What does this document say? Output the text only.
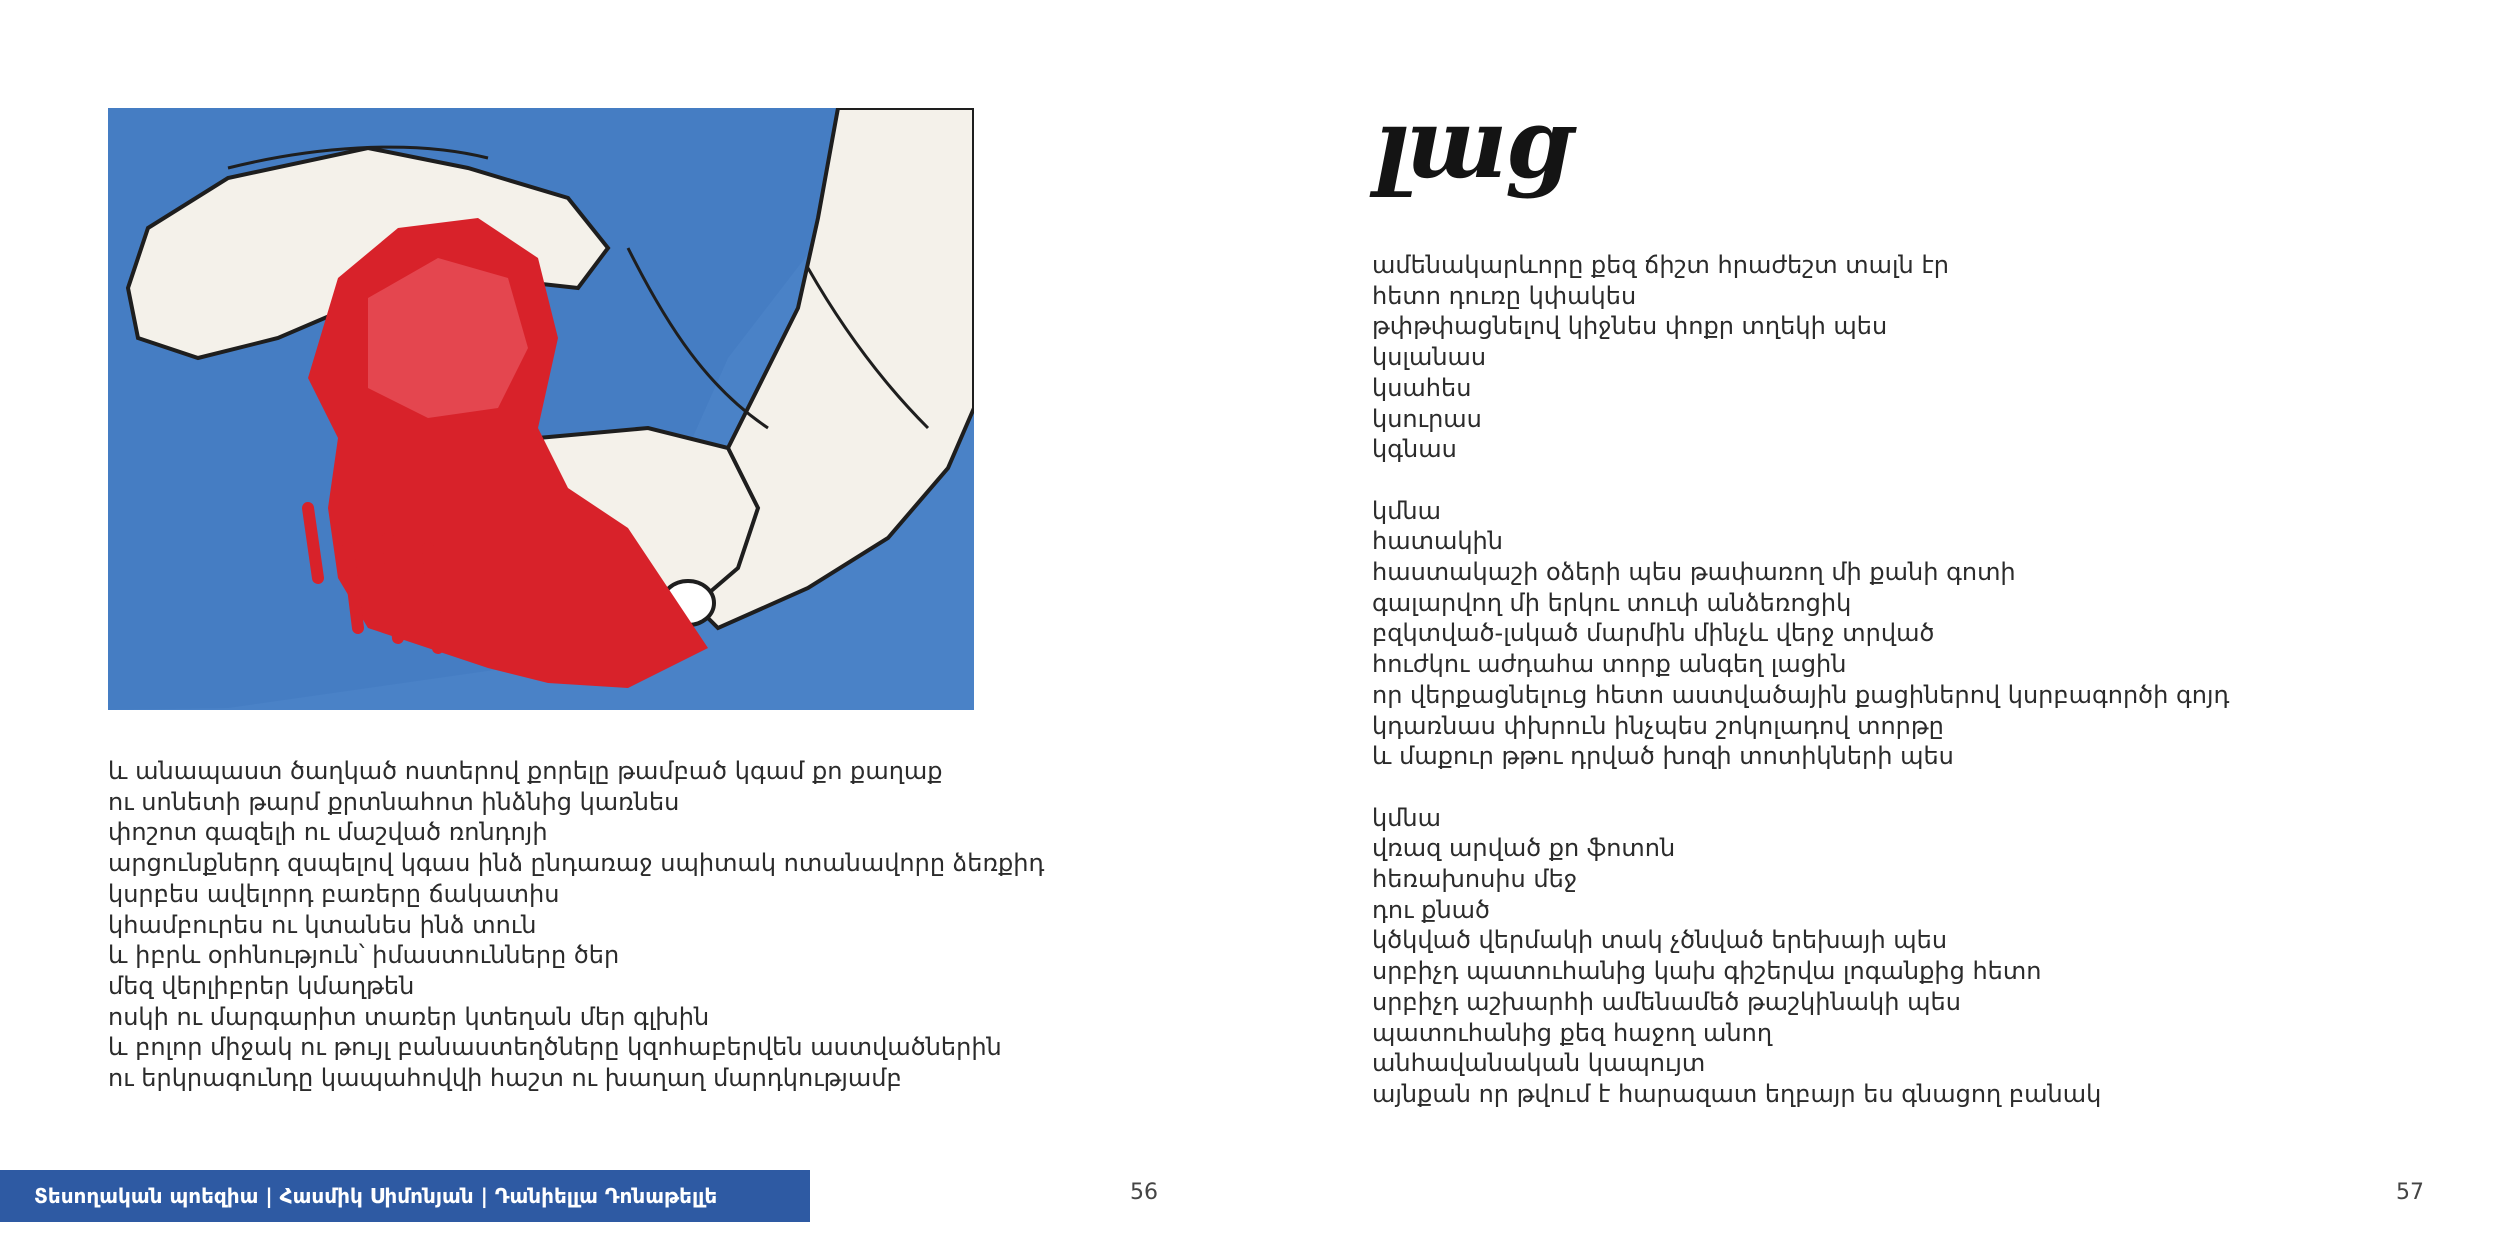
և անապաստ ծաղկած ոստերով քորելը թամբած կգամ քո քաղաք
ու սոնետի թարմ քրտնահոտ ինձնից կառնես
փոշոտ գազելի ու մաշված ռոնդոյի
արցունքներդ զսպելով կգաս ինձ ընդառաջ սպիտակ ոտանավորը ձեռքիդ
կսրբես ավելորդ բառերը ճակատիս
կհամբուրես ու կտանես ինձ տուն
և իբրև օրհնություն՝ իմաստունները ծեր
մեզ վերլիբրեր կմաղթեն
ոսկի ու մարգարիտ տառեր կտեղան մեր գլխին
և բոլոր միջակ ու թույլ բանաստեղծները կզոհաբերվեն աստվածներին
ու երկրագունդը կապահովվի հաշտ ու խաղաղ մարդկությամբ
լաց
ամենակարևորը քեզ ճիշտ հրաժեշտ տալն էր
հետո դուռը կփակես
թփթփացնելով կիջնես փոքր տղեկի պես
կսլանաս
կսահես
կսուրաս
կգնաս
կմնա
հատակին
հաստակաշի օձերի պես թափառող մի քանի գոտի
գալարվող մի երկու տուփ անձեռոցիկ
բզկտված-լսկած մարմին մինչև վերջ տրված
հուժկու աժդահա տորք անգեղ լացին
որ վերքացնելուց հետո աստվածային քացիներով կսրբագործի գոյդ
կդառնաս փխրուն ինչպես շոկոլադով տորթը
և մաքուր թթու դրված խոզի տոտիկների պես
կմնա
վռազ արված քո ֆոտոն
հեռախոսիս մեջ
դու քնած
կծկված վերմակի տակ չծնված երեխայի պես
սրբիչդ պատուհանից կախ գիշերվա լոգանքից հետո
սրբիչդ աշխարհի ամենամեծ թաշկինակի պես
պատուհանից քեզ հաջող անող
անհավանական կապույտ
այնքան որ թվում է հարազատ եղբայր ես գնացող բանակ
Տեսողական պոեզիա | Հասմիկ Սիմոնյան | Դանիելլա Դոնաթելլե	56	57
